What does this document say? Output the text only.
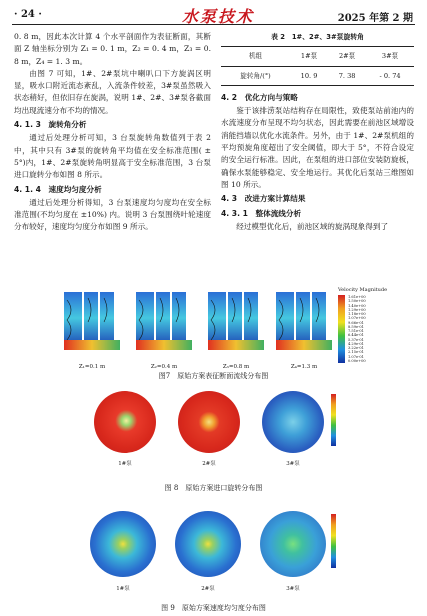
· 24 ·	水泵技术	2025 年第 2 期

0. 8 m，因此本次计算 4 个水平剖面作为表征断面，其断面 Z 轴坐标分别为 Z₁ = 0. 1 m，Z₂ = 0. 4 m，Z₃ = 0. 8 m，Z₄ = 1. 3 m。

由图 7 可知，1#、2#泵坑中喇叭口下方旋涡区明显，吸水口附近流态紊乱，入流条件较差，3#泵虽然吸入状态稍好，但依旧存在旋涡，说明 1#、2#、3#泵各截面均出现流速分布不均的情况。

4. 1. 3　旋转角分析

通过后处理分析可知，3 台泵旋转角数值列于表 2 中，其中只有 3#泵的旋转角平均值在安全标准范围( ± 5°)内，1#、2#泵旋转角明显高于安全标准范围，3 台泵进口旋转分布如图 8 所示。

4. 1. 4　速度均匀度分析

通过后处理分析得知，3 台泵速度均匀度均在安全标准范围(不均匀度在 ±10%) 内。说明 3 台泵围绕叶轮速度分布较好，速度均匀度分布如图 9 所示。

表 2　1#、2#、3#泵旋转角
机组	1#泵	2#泵	3#泵
旋转角/(°)	10. 9	7. 38	- 0. 74
4. 2　优化方向与策略

鉴于该排涝泵站结构存在局限性，致使泵站前池内的水流速度分布呈现不均匀状态，因此需要在前池区域增设消能挡墙以优化水流条件。另外，由于 1#、2#泵机组的平均预旋角度超出了安全阈值，即大于 5°，不符合设定的安全运行标准。因此，在泵组的进口部位安装防旋板，确保水泵能够稳定、安全地运行。其优化后泵站三维图如图 10 所示。

4. 3　改进方案计算结果
4. 3. 1　整体流线分析

经过模型优化后，前池区域的旋涡现象得到了

Z₁=0.1 m	Z₂=0.4 m	Z₃=0.8 m	Z₄=1.3 m
Velocity Magnitude
1.61e+00
1.50e+00
1.40e+00
1.29e+00
1.18e+00
1.07e+00
9.66e-01
8.59e-01
7.51e-01
6.44e-01
5.37e-01
4.29e-01
3.22e-01
2.15e-01
1.07e-01
0.00e+00
图7　原始方案表征断面流线分布图
1#泵	2#泵	3#泵
图 8　原始方案进口旋转分布图
1#泵	2#泵	3#泵
图 9　原始方案速度均匀度分布图
